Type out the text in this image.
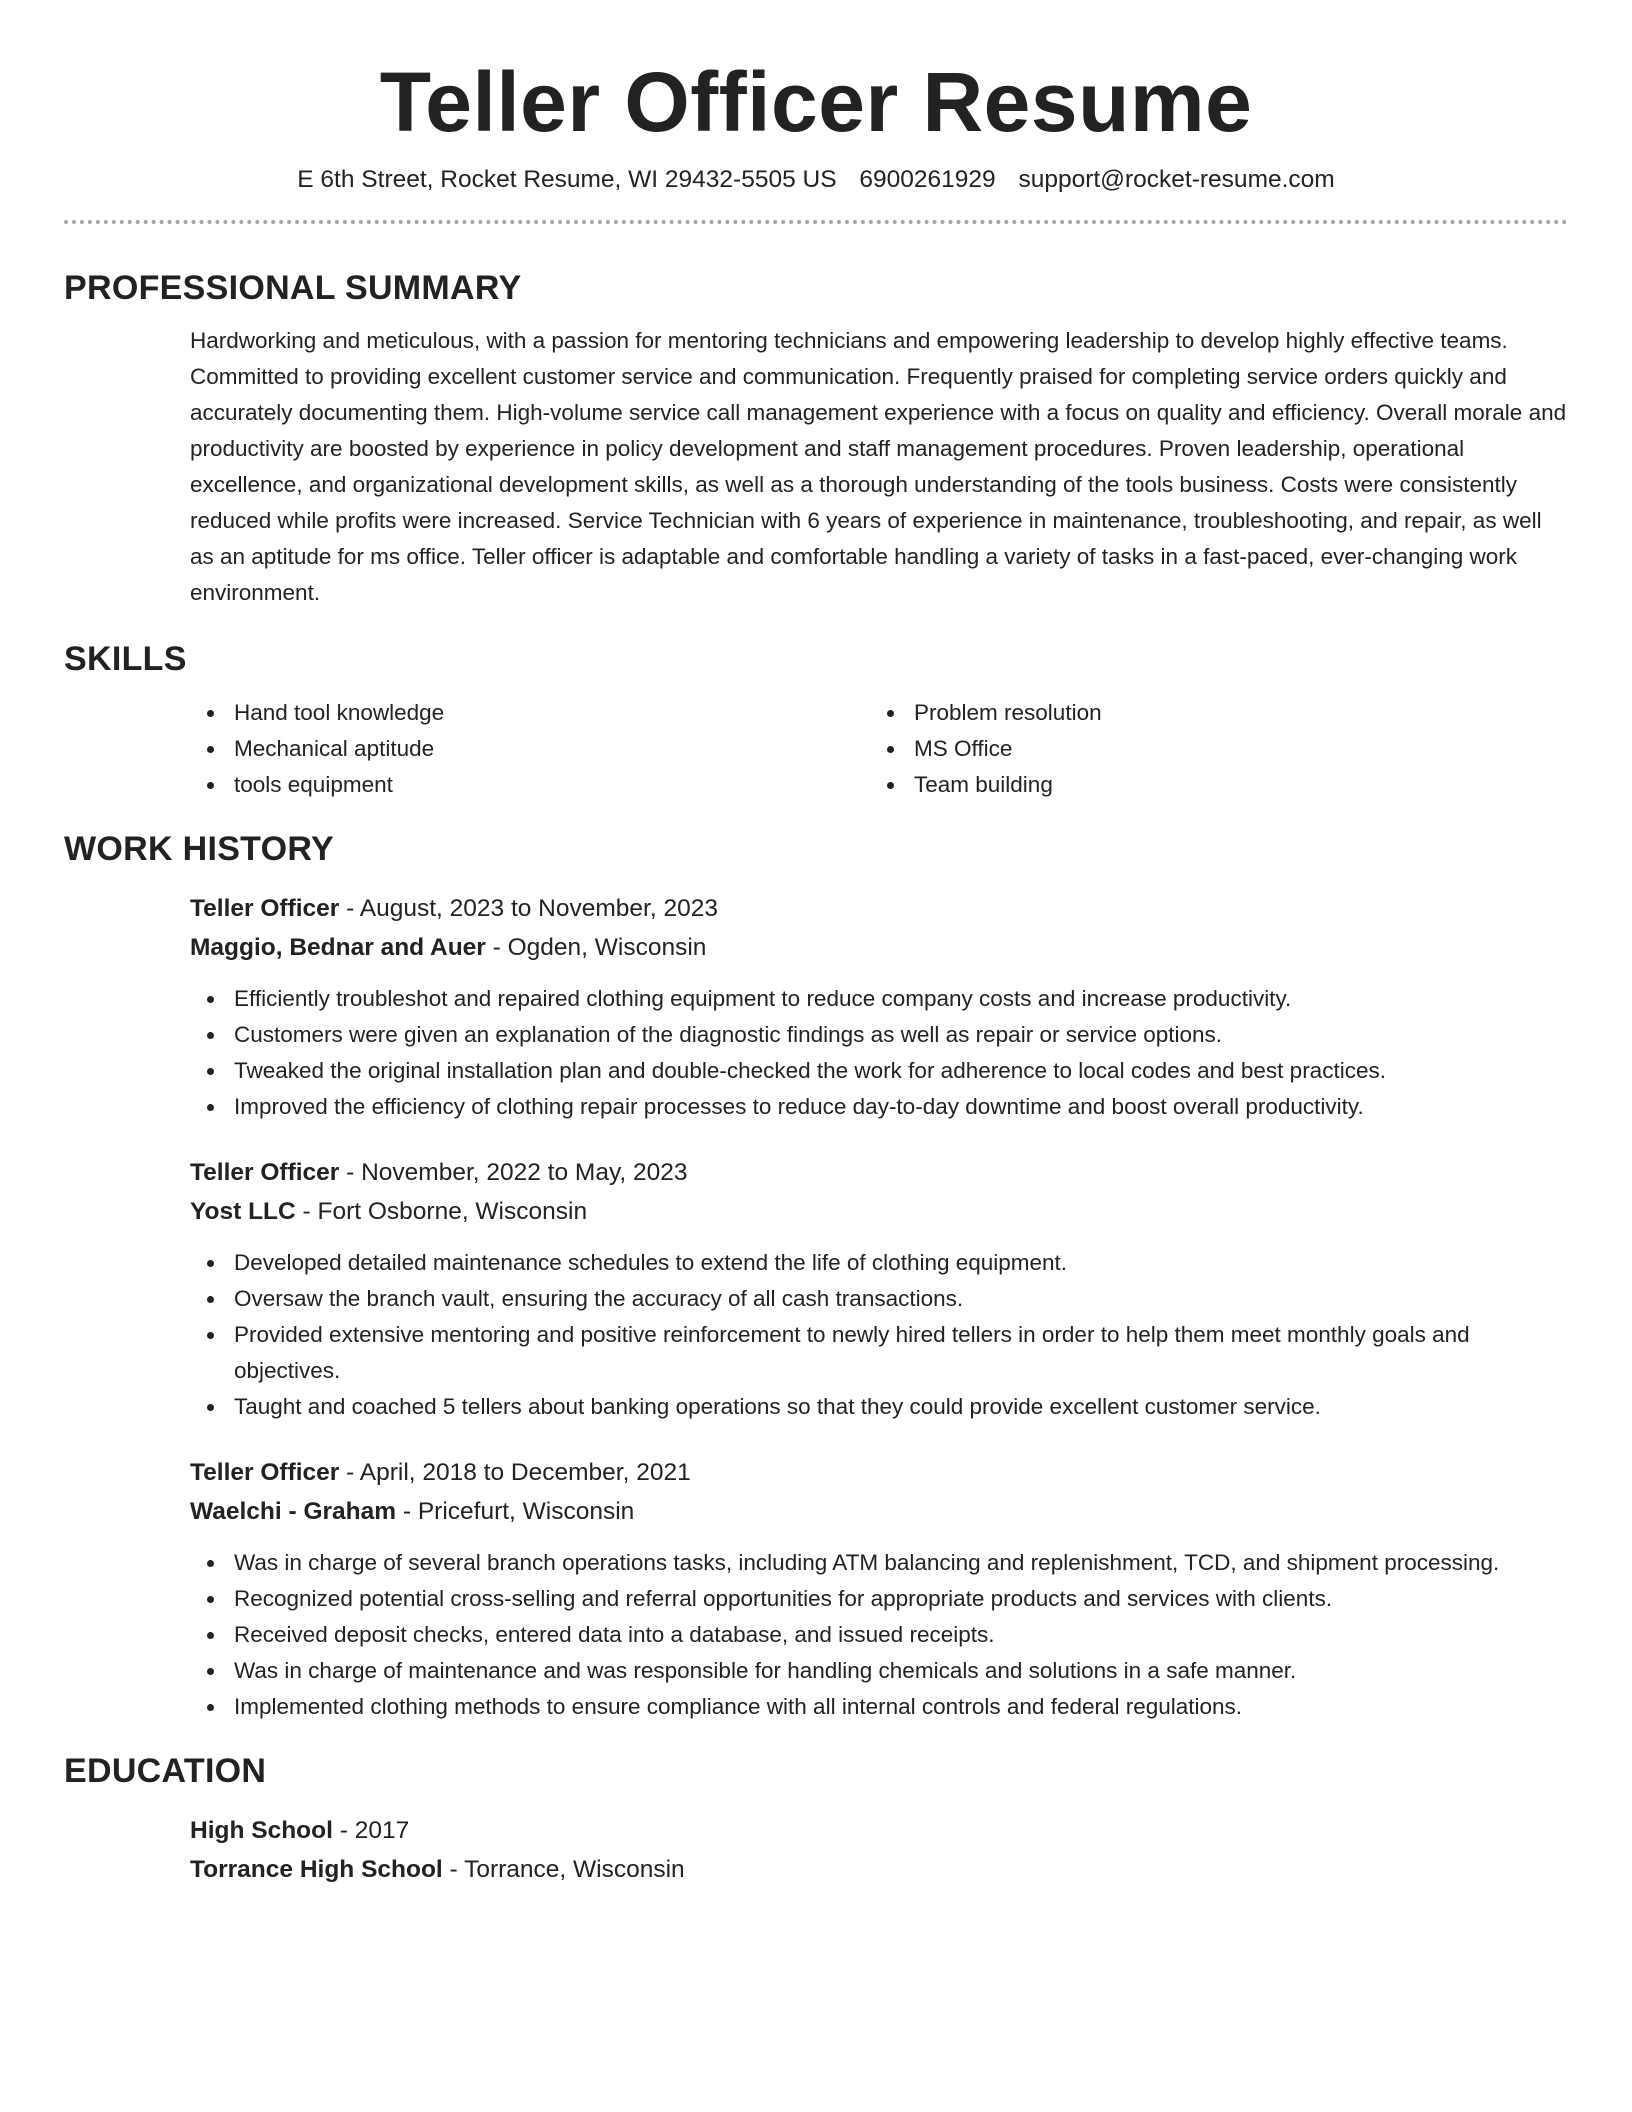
Teller Officer Resume
E 6th Street, Rocket Resume, WI 29432-5505 US 6900261929 support@rocket-resume.com
PROFESSIONAL SUMMARY

Hardworking and meticulous, with a passion for mentoring technicians and empowering leadership to develop highly effective teams. Committed to providing excellent customer service and communication. Frequently praised for completing service orders quickly and accurately documenting them. High-volume service call management experience with a focus on quality and efficiency. Overall morale and productivity are boosted by experience in policy development and staff management procedures. Proven leadership, operational excellence, and organizational development skills, as well as a thorough understanding of the tools business. Costs were consistently reduced while profits were increased. Service Technician with 6 years of experience in maintenance, troubleshooting, and repair, as well as an aptitude for ms office. Teller officer is adaptable and comfortable handling a variety of tasks in a fast-paced, ever-changing work environment.

SKILLS
Hand tool knowledge
Mechanical aptitude
tools equipment
Problem resolution
MS Office
Team building
WORK HISTORY
Teller Officer - August, 2023 to November, 2023
Maggio, Bednar and Auer - Ogden, Wisconsin
Efficiently troubleshot and repaired clothing equipment to reduce company costs and increase productivity.
Customers were given an explanation of the diagnostic findings as well as repair or service options.
Tweaked the original installation plan and double-checked the work for adherence to local codes and best practices.
Improved the efficiency of clothing repair processes to reduce day-to-day downtime and boost overall productivity.
Teller Officer - November, 2022 to May, 2023
Yost LLC - Fort Osborne, Wisconsin
Developed detailed maintenance schedules to extend the life of clothing equipment.
Oversaw the branch vault, ensuring the accuracy of all cash transactions.
Provided extensive mentoring and positive reinforcement to newly hired tellers in order to help them meet monthly goals and objectives.
Taught and coached 5 tellers about banking operations so that they could provide excellent customer service.
Teller Officer - April, 2018 to December, 2021
Waelchi - Graham - Pricefurt, Wisconsin
Was in charge of several branch operations tasks, including ATM balancing and replenishment, TCD, and shipment processing.
Recognized potential cross-selling and referral opportunities for appropriate products and services with clients.
Received deposit checks, entered data into a database, and issued receipts.
Was in charge of maintenance and was responsible for handling chemicals and solutions in a safe manner.
Implemented clothing methods to ensure compliance with all internal controls and federal regulations.
EDUCATION
High School - 2017
Torrance High School - Torrance, Wisconsin
